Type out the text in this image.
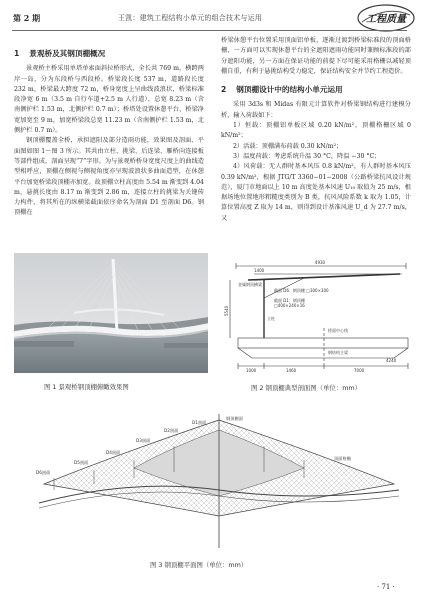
第 2 期	王凯：建筑工程结构小单元的组合技术与运用	工程质量
1 景观桥及其钢顶棚概况

景观桥主桥采用单塔单索面斜拉桥形式，全长共 769 m，横跨两岸一岛，分为东段桥与西段桥。桥梁段长度 537 m，道路段长度 232 m，桥梁最大跨度 72 m，桥身宽度上呈曲线波浪状，桥梁标准段净宽 6 m（3.5 m 自行车道+2.5 m 人行道），总宽 8.23 m（含南侧护栏 1.53 m，北侧护栏 0.7 m）；桥塔处设置休憩平台，桥梁净宽加宽至 9 m，加宽桥梁段总宽 11.23 m（含南侧护栏 1.53 m，北侧护栏 0.7 m）。

钢顶棚覆盖全桥，承担遮阳及部分造雨功能，效果图及剖面、平面图如图 1～图 3 所示。其共由立柱、挑梁、后连梁、雁桥向连接板等部件组成，剖面呈现“7”字形。为与景观桥桥身宽度尺度上的曲线造型相呼应，顶棚在侧视与侧视角度亦呈现波浪状多曲面造型，在休憩平台加宽桥梁段顶棚亦加宽。故顶棚立柱高度由 5.54 m 渐变到 4.04 m，悬挑长度由 8.17 m 渐变到 2.86 m，连接立柱的挑梁为关键传力构件，将其所在的纵横梁截面依序命名为剖面 D1 至剖面 D6。钢顶棚在

桥梁休憩平台位置采用顶面铝单板，逐渐过渡到桥梁标准段的顶面格栅，一方面可以实现休憩平台的全遮阳遮雨功能同时兼顾标准段的部分遮阳功能，另一方面在保证功能的前提下尽可能采用格栅以减轻顶棚自重，有利于悬挑结构受力稳定，保证结构安全并节约工程造价。

2 钢顶棚设计中的结构小单元运用

采用 3d3s 和 Midas 有限元计算软件对桥梁钢结构进行建模分析，输入荷载如下：

1）恒载：顶棚铝单板区域 0.20 kN/m²，顶棚格栅区域 0 kN/m²；

2）活载：顶棚满布荷载 0.30 kN/m²；

3）温度荷载：考虑系统升温 30 °C，降温 −30 °C；

4）风荷载：无人群时基本风压 0.8 kN/m²，有人群时基本风压 0.39 kN/m²，根据 JTG/T 3360−01−2008（公路桥梁抗风设计规范），厦门市地面以上 10 m 高度处基本风速 U₁₀ 取值为 25 m/s，根据场地位置地形粗糙度类别为 B 类，抗风风险系数 k 取为 1.05，计算位置高度 Z 取为 14 m，则得到设计基准风速 U_d 为 27.7 m/s，又

图 1 景观桥钢顶棚俯瞰效果图
4930
1400
金属钢顶横梁
截面 D6：钢顶棚 □300×300
截面 D1：钢顶棚
□400×240×16
立柱
5540
桥面中心线
钢结构主梁
1000	1460	7000
4240
图 2 钢顶棚典型剖面图（单位：mm）
D6剖面
D5剖面
D4剖面
D3剖面
D2剖面
D1剖面
钢顶棚面
顶面格栅
图 3 钢顶棚平面图（单位：mm）
· 71 ·
